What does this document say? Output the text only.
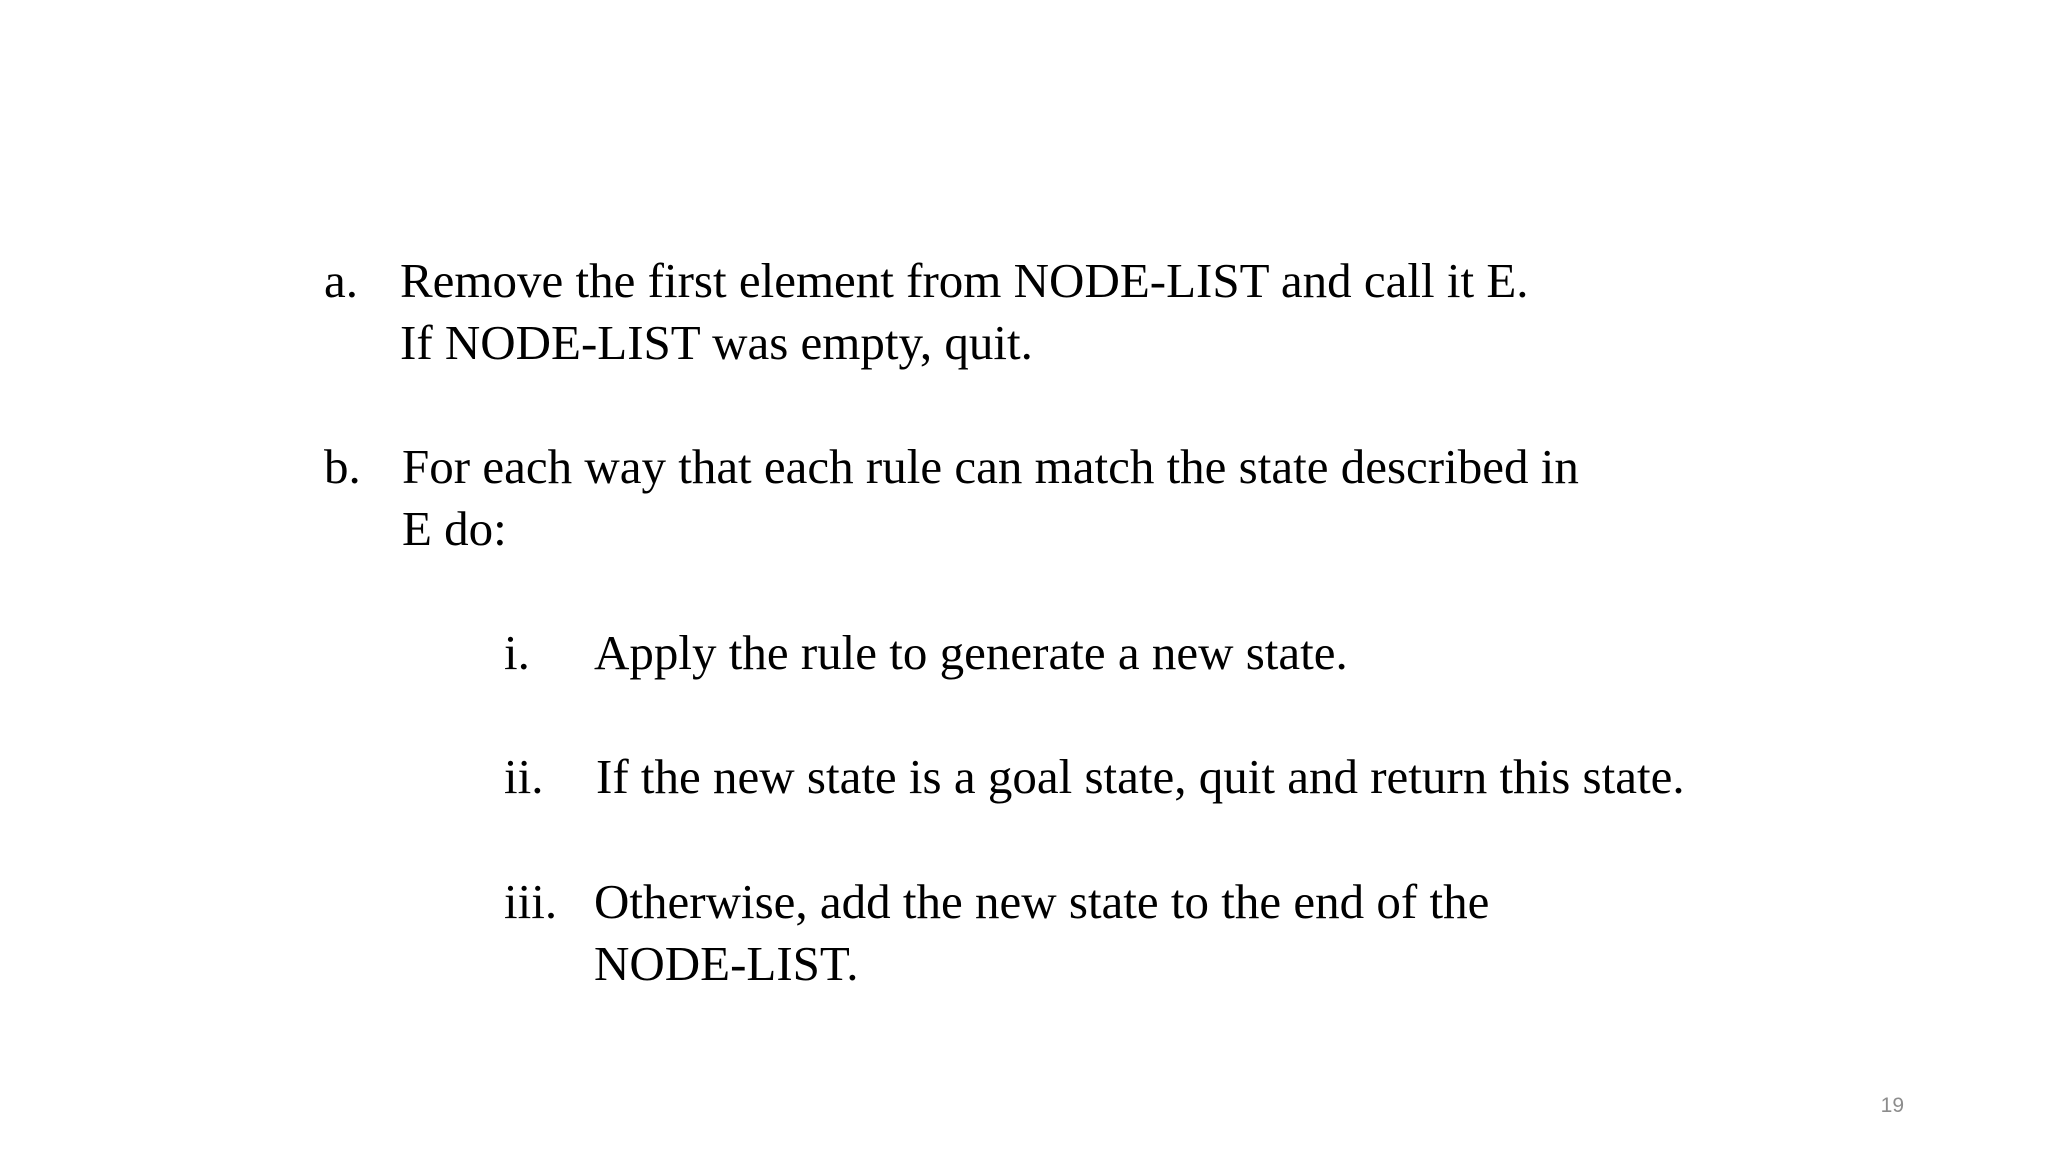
a. Remove the first element from NODE-LIST and call it E.
If NODE-LIST was empty, quit.
b. For each way that each rule can match the state described in
E do:
i. Apply the rule to generate a new state.
ii. If the new state is a goal state, quit and return this state.
iii. Otherwise, add the new state to the end of the
NODE-LIST.
19
